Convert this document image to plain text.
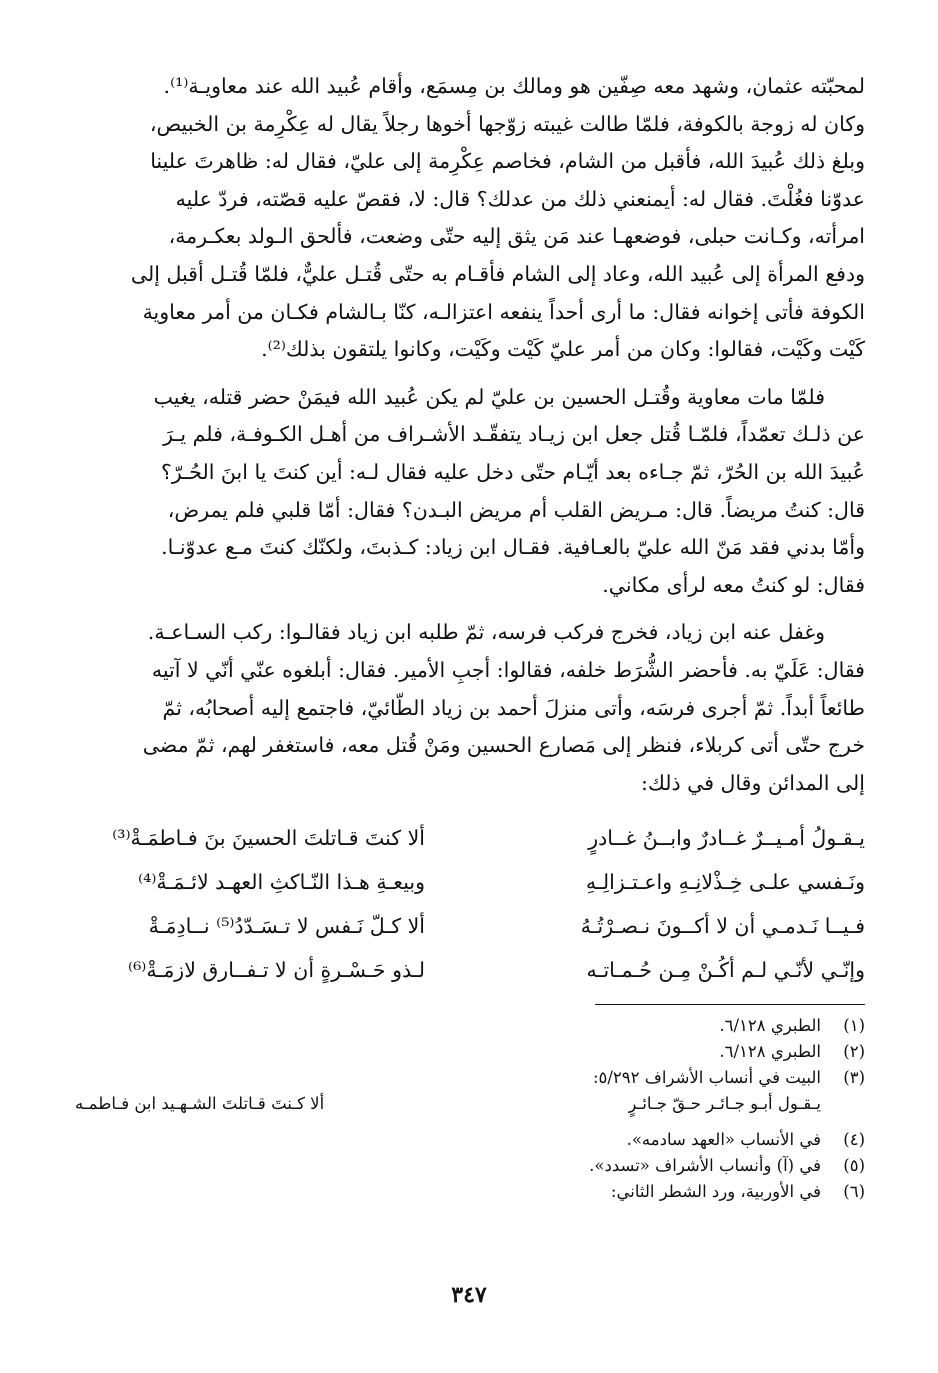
لمحبّته عثمان، وشهد معه صِفّين هو ومالك بن مِسمَع، وأقام عُبيد الله عند معاويـة⁽¹⁾.
وكان له زوجة بالكوفة، فلمّا طالت غيبته زوّجها أخوها رجلاً يقال له عِكْرِمة بن الخبيص،
وبلغ ذلك عُبيدَ الله، فأقبل من الشام، فخاصم عِكْرِمة إلى عليّ، فقال له: ظاهرتَ علينا
عدوّنا فغُلْتَ. فقال له: أيمنعني ذلك من عدلك؟ قال: لا، فقصّ عليه قصّته، فردّ عليه
امرأته، وكـانت حبلى، فوضعهـا عند مَن يثق إليه حتّى وضعت، فألحق الـولد بعكـرمة،
ودفع المرأة إلى عُبيد الله، وعاد إلى الشام فأقـام به حتّى قُتـل عليٌّ، فلمّا قُتـل أقبل إلى
الكوفة فأتى إخوانه فقال: ما أرى أحداً ينفعه اعتزالـه، كنّا بـالشام فكـان من أمر معاوية
كَيْت وكَيْت، فقالوا: وكان من أمر عليّ كَيْت وكَيْت، وكانوا يلتقون بذلك⁽²⁾.

فلمّا مات معاوية وقُتـل الحسين بن عليّ لم يكن عُبيد الله فيمَنْ حضر قتله، يغيب
عن ذلـك تعمّداً، فلمّـا قُتل جعل ابن زيـاد يتفقّـد الأشـراف من أهـل الكـوفـة، فلم يـرَ
عُبيدَ الله بن الحُرّ، ثمّ جـاءه بعد أيّـام حتّى دخل عليه فقال لـه: أين كنتَ يا ابنَ الحُـرّ؟
قال: كنتُ مريضاً. قال: مـريض القلب أم مريض البـدن؟ فقال: أمّا قلبي فلم يمرض،
وأمّا بدني فقد مَنّ الله عليّ بالعـافية. فقـال ابن زياد: كـذبتَ، ولكنّك كنتَ مـع عدوّنـا.
فقال: لو كنتُ معه لرأى مكاني.

وغفل عنه ابن زياد، فخرج فركب فرسه، ثمّ طلبه ابن زياد فقالـوا: ركب السـاعـة.
فقال: عَلَيّ به. فأحضر الشُّرَط خلفه، فقالوا: أجبِ الأمير. فقال: أبلغوه عنّي أنّي لا آتيه
طائعاً أبداً. ثمّ أجرى فرسَه، وأتى منزلَ أحمد بن زياد الطّائيّ، فاجتمع إليه أصحابُه، ثمّ
خرج حتّى أتى كربلاء، فنظر إلى مَصارع الحسين ومَنْ قُتل معه، فاستغفر لهم، ثمّ مضى
إلى المدائن وقال في ذلك:

يـقـولُ أمـيــرٌ غــادرٌ وابــنُ غــادرٍ
ألا كنتَ قـاتلتَ الحسينَ بنَ فـاطمَـةْ⁽³⁾
ونَـفسي علـى خِـذْلانِـهِ واعـتـزالِـهِ
وبيعـةِ هـذا النّـاكثِ العهـد لائـمَـةْ⁽⁴⁾
فـيــا نَـدمـي أن لا أكــونَ نـصـرْتُـهُ
ألا كـلّ نَـفس لا تـسَـدّدُ⁽⁵⁾ نــادِمَـةْ
وإنّـي لأنّـي لـم أكُـنْ مِـن حُـمـاتـه
لـذو حَـسْـرةٍ أن لا تـفــارق لازمَـةْ⁽⁶⁾
(١)
الطبري ٦/١٢٨.
(٢)
الطبري ٦/١٢٨.
(٣)
البيت في أنساب الأشراف ٥/٢٩٢:
يـقـول أبـو جـائـر حـقّ جـائـرٍ
ألا كـنتَ قـاتلتَ الشـهـيد ابن فـاطمـه
(٤)
في الأنساب «العهد سادمه».
(٥)
في (آ) وأنساب الأشراف «تسدد».
(٦)
في الأوربية، ورد الشطر الثاني:
٣٤٧
